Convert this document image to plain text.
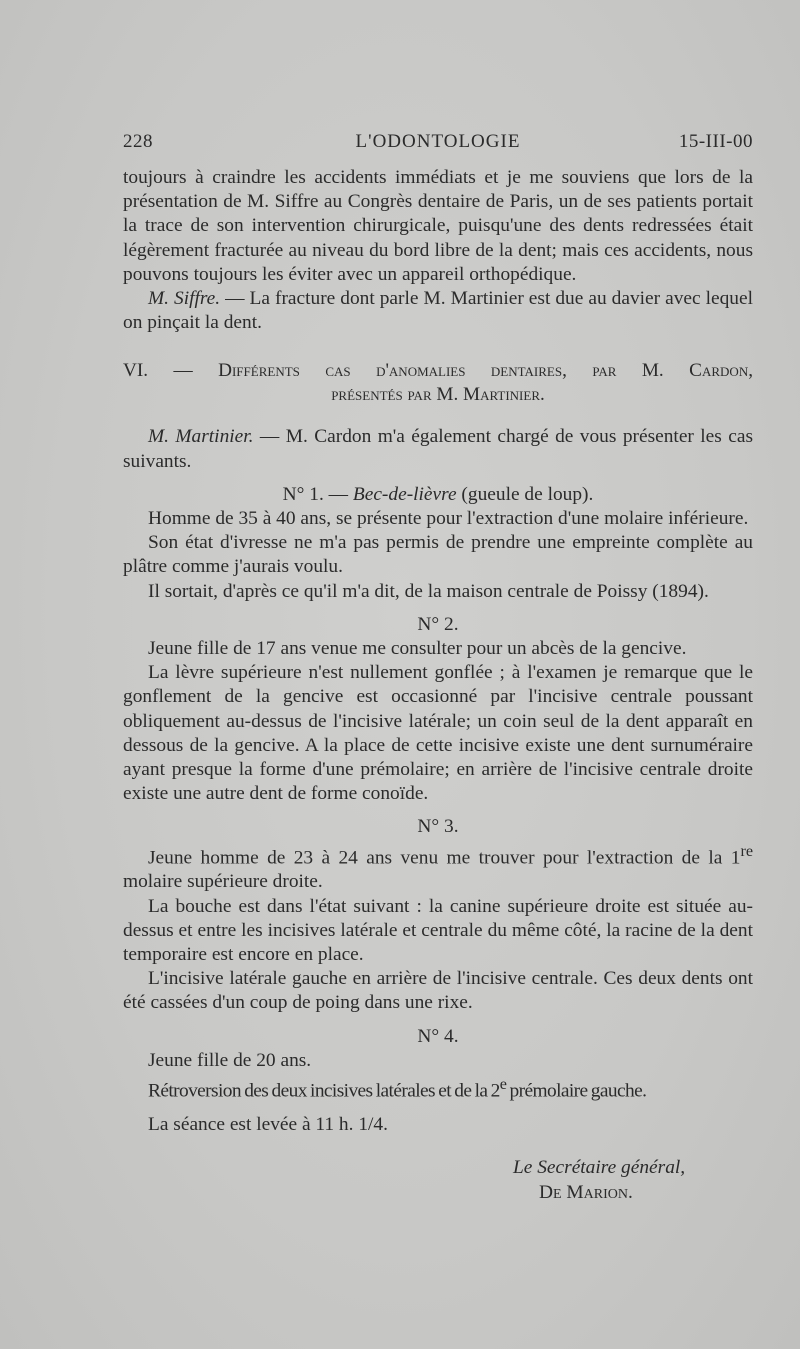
228	L'ODONTOLOGIE	15-III-00

toujours à craindre les accidents immédiats et je me souviens que lors de la présentation de M. Siffre au Congrès dentaire de Paris, un de ses patients portait la trace de son intervention chirurgicale, puisqu'une des dents redressées était légèrement fracturée au niveau du bord libre de la dent; mais ces accidents, nous pouvons toujours les éviter avec un appareil orthopédique.

M. Siffre. — La fracture dont parle M. Martinier est due au davier avec lequel on pinçait la dent.

VI. — Différents cas d'anomalies dentaires, par M. Cardon,
présentés par M. Martinier.

M. Martinier. — M. Cardon m'a également chargé de vous présenter les cas suivants.

N° 1. — Bec-de-lièvre (gueule de loup).

Homme de 35 à 40 ans, se présente pour l'extraction d'une molaire inférieure.

Son état d'ivresse ne m'a pas permis de prendre une empreinte complète au plâtre comme j'aurais voulu.

Il sortait, d'après ce qu'il m'a dit, de la maison centrale de Poissy (1894).

N° 2.

Jeune fille de 17 ans venue me consulter pour un abcès de la gencive.

La lèvre supérieure n'est nullement gonflée ; à l'examen je remarque que le gonflement de la gencive est occasionné par l'incisive centrale poussant obliquement au-dessus de l'incisive latérale; un coin seul de la dent apparaît en dessous de la gencive. A la place de cette incisive existe une dent surnuméraire ayant presque la forme d'une prémolaire; en arrière de l'incisive centrale droite existe une autre dent de forme conoïde.

N° 3.

Jeune homme de 23 à 24 ans venu me trouver pour l'extraction de la 1re molaire supérieure droite.

La bouche est dans l'état suivant : la canine supérieure droite est située au-dessus et entre les incisives latérale et centrale du même côté, la racine de la dent temporaire est encore en place.

L'incisive latérale gauche en arrière de l'incisive centrale. Ces deux dents ont été cassées d'un coup de poing dans une rixe.

N° 4.

Jeune fille de 20 ans.

Rétroversion des deux incisives latérales et de la 2e prémolaire gauche.

La séance est levée à 11 h. 1/4.

Le Secrétaire général,
De Marion.
